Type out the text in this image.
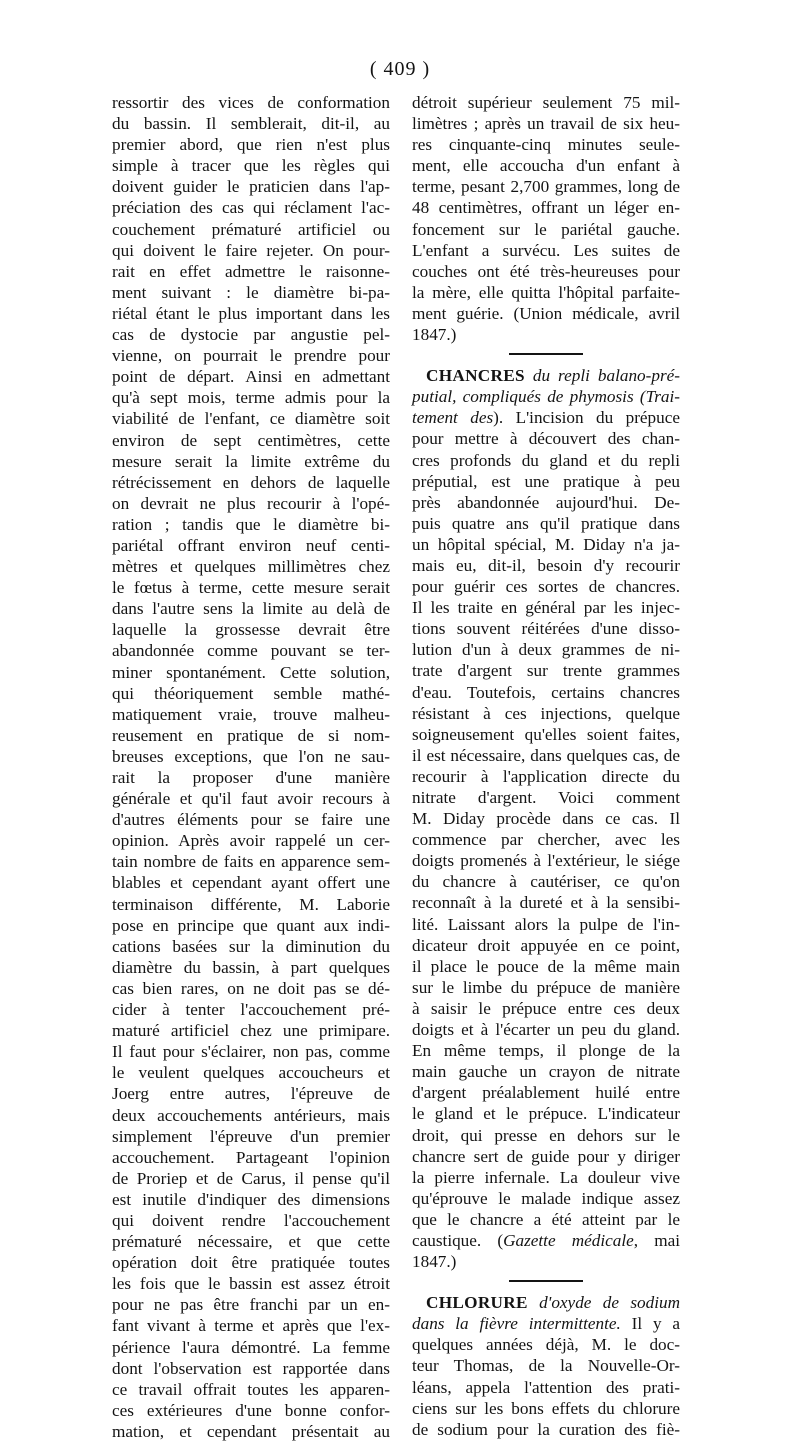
( 409 )
ressortir des vices de conformation
du bassin. Il semblerait, dit-il, au
premier abord, que rien n'est plus
simple à tracer que les règles qui
doivent guider le praticien dans l'ap-
préciation des cas qui réclament l'ac-
couchement prématuré artificiel ou
qui doivent le faire rejeter. On pour-
rait en effet admettre le raisonne-
ment suivant : le diamètre bi-pa-
riétal étant le plus important dans les
cas de dystocie par angustie pel-
vienne, on pourrait le prendre pour
point de départ. Ainsi en admettant
qu'à sept mois, terme admis pour la
viabilité de l'enfant, ce diamètre soit
environ de sept centimètres, cette
mesure serait la limite extrême du
rétrécissement en dehors de laquelle
on devrait ne plus recourir à l'opé-
ration ; tandis que le diamètre bi-
pariétal offrant environ neuf centi-
mètres et quelques millimètres chez
le fœtus à terme, cette mesure serait
dans l'autre sens la limite au delà de
laquelle la grossesse devrait être
abandonnée comme pouvant se ter-
miner spontanément. Cette solution,
qui théoriquement semble mathé-
matiquement vraie, trouve malheu-
reusement en pratique de si nom-
breuses exceptions, que l'on ne sau-
rait la proposer d'une manière
générale et qu'il faut avoir recours à
d'autres éléments pour se faire une
opinion. Après avoir rappelé un cer-
tain nombre de faits en apparence sem-
blables et cependant ayant offert une
terminaison différente, M. Laborie
pose en principe que quant aux indi-
cations basées sur la diminution du
diamètre du bassin, à part quelques
cas bien rares, on ne doit pas se dé-
cider à tenter l'accouchement pré-
maturé artificiel chez une primipare.
Il faut pour s'éclairer, non pas, comme
le veulent quelques accoucheurs et
Joerg entre autres, l'épreuve de
deux accouchements antérieurs, mais
simplement l'épreuve d'un premier
accouchement. Partageant l'opinion
de Proriep et de Carus, il pense qu'il
est inutile d'indiquer des dimensions
qui doivent rendre l'accouchement
prématuré nécessaire, et que cette
opération doit être pratiquée toutes
les fois que le bassin est assez étroit
pour ne pas être franchi par un en-
fant vivant à terme et après que l'ex-
périence l'aura démontré. La femme
dont l'observation est rapportée dans
ce travail offrait toutes les apparen-
ces extérieures d'une bonne confor-
mation, et cependant présentait au
détroit supérieur seulement 75 mil-
limètres ; après un travail de six heu-
res cinquante-cinq minutes seule-
ment, elle accoucha d'un enfant à
terme, pesant 2,700 grammes, long de
48 centimètres, offrant un léger en-
foncement sur le pariétal gauche.
L'enfant a survécu. Les suites de
couches ont été très-heureuses pour
la mère, elle quitta l'hôpital parfaite-
ment guérie. (Union médicale, avril
1847.)
CHANCRES du repli balano-pré-
putial, compliqués de phymosis (Trai-
tement des). L'incision du prépuce
pour mettre à découvert des chan-
cres profonds du gland et du repli
préputial, est une pratique à peu
près abandonnée aujourd'hui. De-
puis quatre ans qu'il pratique dans
un hôpital spécial, M. Diday n'a ja-
mais eu, dit-il, besoin d'y recourir
pour guérir ces sortes de chancres.
Il les traite en général par les injec-
tions souvent réitérées d'une disso-
lution d'un à deux grammes de ni-
trate d'argent sur trente grammes
d'eau. Toutefois, certains chancres
résistant à ces injections, quelque
soigneusement qu'elles soient faites,
il est nécessaire, dans quelques cas, de
recourir à l'application directe du
nitrate d'argent. Voici comment
M. Diday procède dans ce cas. Il
commence par chercher, avec les
doigts promenés à l'extérieur, le siége
du chancre à cautériser, ce qu'on
reconnaît à la dureté et à la sensibi-
lité. Laissant alors la pulpe de l'in-
dicateur droit appuyée en ce point,
il place le pouce de la même main
sur le limbe du prépuce de manière
à saisir le prépuce entre ces deux
doigts et à l'écarter un peu du gland.
En même temps, il plonge de la
main gauche un crayon de nitrate
d'argent préalablement huilé entre
le gland et le prépuce. L'indicateur
droit, qui presse en dehors sur le
chancre sert de guide pour y diriger
la pierre infernale. La douleur vive
qu'éprouve le malade indique assez
que le chancre a été atteint par le
caustique. (Gazette médicale, mai
1847.)
CHLORURE d'oxyde de sodium
dans la fièvre intermittente. Il y a
quelques années déjà, M. le doc-
teur Thomas, de la Nouvelle-Or-
léans, appela l'attention des prati-
ciens sur les bons effets du chlorure
de sodium pour la curation des fiè-
